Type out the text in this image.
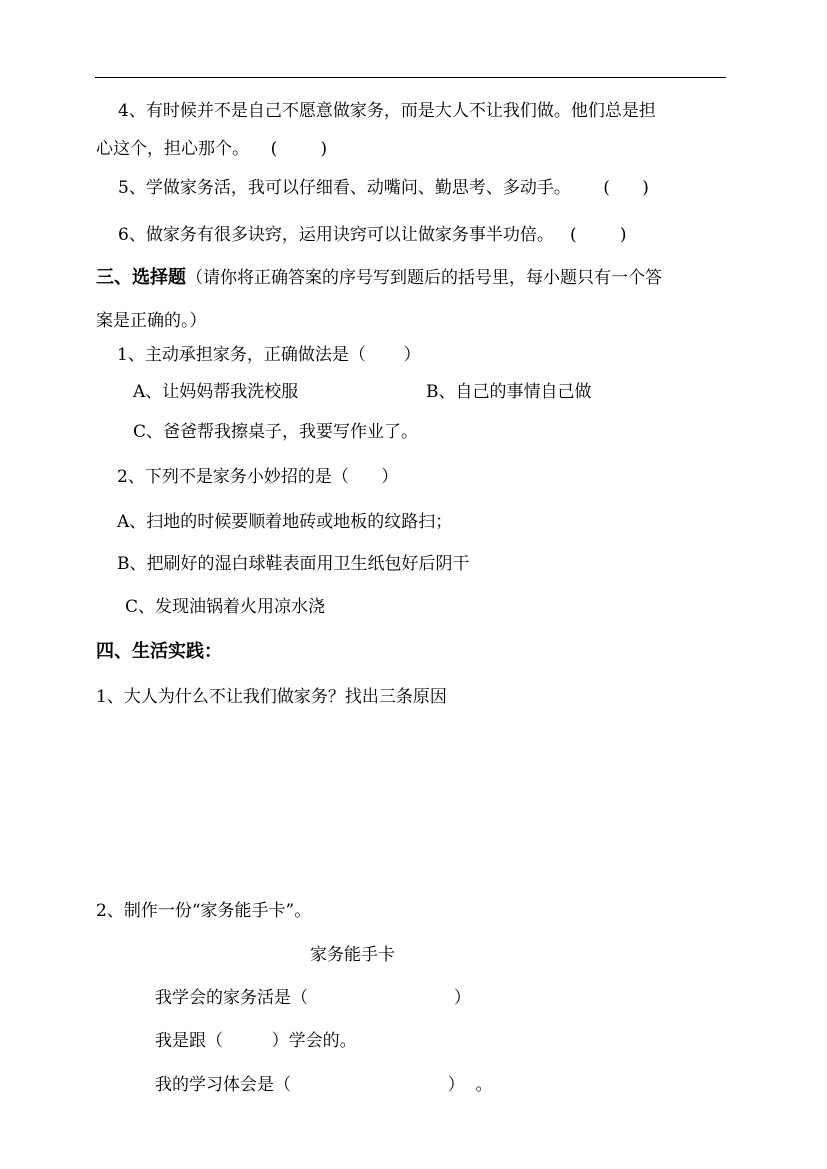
4、有时候并不是自己不愿意做家务，而是大人不让我们做。他们总是担
心这个，担心那个。    (        )
5、学做家务活，我可以仔细看、动嘴问、勤思考、多动手。      (      )
6、做家务有很多诀窍，运用诀窍可以让做家务事半功倍。   (        )
三、选择题（请你将正确答案的序号写到题后的括号里，每小题只有一个答
案是正确的。）
1、主动承担家务，正确做法是（       ）
A、让妈妈帮我洗校服	B、自己的事情自己做
C、爸爸帮我擦桌子，我要写作业了。
2、下列不是家务小妙招的是（      ）
A、扫地的时候要顺着地砖或地板的纹路扫；
B、把刷好的湿白球鞋表面用卫生纸包好后阴干
C、发现油锅着火用凉水浇
四、生活实践：
1、大人为什么不让我们做家务？找出三条原因
2、制作一份“家务能手卡”。
家务能手卡
我学会的家务活是（                           ）
我是跟（         ）学会的。
我的学习体会是（                             ）  。
